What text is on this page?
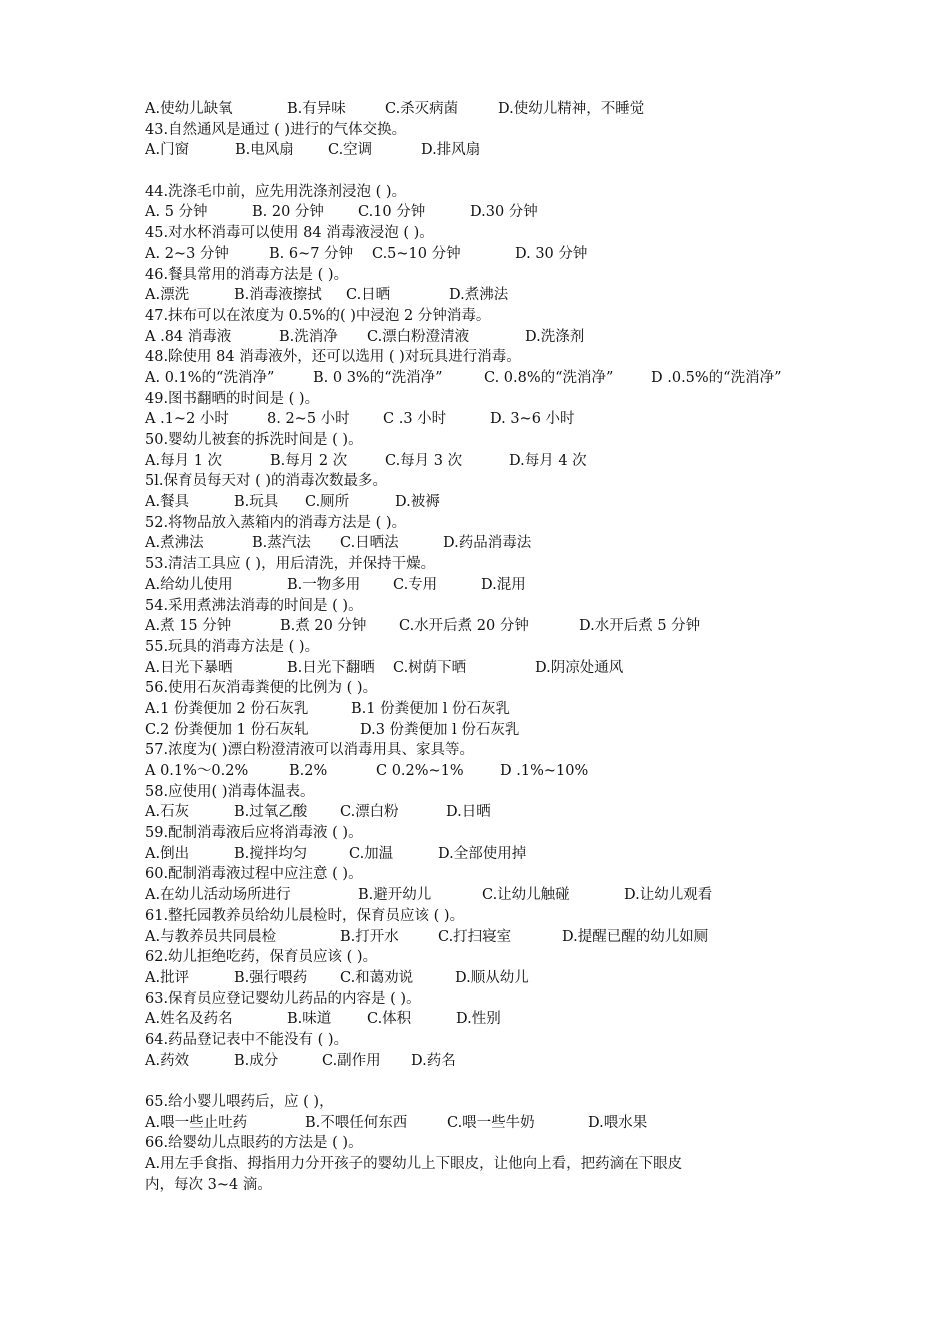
A.使幼儿缺氧	B.有异味	C.杀灭病菌	D.使幼儿精神，不睡觉
43.自然通风是通过 ( )进行的气体交换。
A.门窗	B.电风扇 C.空调	D.排风扇
44.洗涤毛巾前，应先用洗涤剂浸泡 ( )。
A. 5 分钟	B. 20 分钟 C.10 分钟	D.30 分钟
45.对水杯消毒可以使用 84 消毒液浸泡 ( )。
A. 2~3 分钟	B. 6~7 分钟 C.5~10 分钟	D. 30 分钟
46.餐具常用的消毒方法是 ( )。
A.漂洗	B.消毒液擦拭 C.日晒	D.煮沸法
47.抹布可以在浓度为 0.5%的( )中浸泡 2 分钟消毒。
A .84 消毒液	B.洗消净 C.漂白粉澄清液	D.洗涤剂
48.除使用 84 消毒液外，还可以选用 ( )对玩具进行消毒。
A. 0.1%的“洗消净”	B. 0 3%的“洗消净”	C. 0.8%的“洗消净”	D .0.5%的“洗消净”
49.图书翻晒的时间是 ( )。
A .1~2 小时	8. 2~5 小时 C .3 小时	D. 3~6 小时
50.婴幼儿被套的拆洗时间是 ( )。
A.每月 1 次	B.每月 2 次	C.每月 3 次	D.每月 4 次
5l.保育员每天对 ( )的消毒次数最多。
A.餐具	B.玩具 C.厕所	D.被褥
52.将物品放入蒸箱内的消毒方法是 ( )。
A.煮沸法	B.蒸汽法 C.日晒法	D.药品消毒法
53.清洁工具应 ( )，用后清洗，并保持干燥。
A.给幼儿使用	B.一物多用 C.专用	D.混用
54.采用煮沸法消毒的时间是 ( )。
A.煮 15 分钟	B.煮 20 分钟 C.水开后煮 20 分钟	D.水开后煮 5 分钟
55.玩具的消毒方法是 ( )。
A.日光下暴晒	B.日光下翻晒 C.树荫下晒	D.阴凉处通风
56.使用石灰消毒粪便的比例为 ( )。
A.1 份粪便加 2 份石灰乳	B.1 份粪便加 l 份石灰乳
C.2 份粪便加 1 份石灰轧	D.3 份粪便加 l 份石灰乳
57.浓度为( )漂白粉澄清液可以消毒用具、家具等。
A 0.1%～0.2%	B.2%	C 0.2%~1%	D .1%~10%
58.应使用( )消毒体温表。
A.石灰	B.过氧乙酸 C.漂白粉	D.日晒
59.配制消毒液后应将消毒液 ( )。
A.倒出	B.搅拌均匀	C.加温	D.全部使用掉
60.配制消毒液过程中应注意 ( )。
A.在幼儿活动场所进行	B.避开幼儿	C.让幼儿触碰	D.让幼儿观看
61.整托园教养员给幼儿晨检时，保育员应该 ( )。
A.与教养员共同晨检	B.打开水	C.打扫寝室	D.提醒已醒的幼儿如厕
62.幼儿拒绝吃药，保育员应该 ( )。
A.批评	B.强行喂药 C.和蔼劝说	D.顺从幼儿
63.保育员应登记婴幼儿药品的内容是 ( )。
A.姓名及药名	B.味道 C.体积	D.性别
64.药品登记表中不能没有 ( )。
A.药效	B.成分	C.副作用 D.药名
65.给小婴儿喂药后，应 ( )，
A.喂一些止吐药	B.不喂任何东西	C.喂一些牛奶	D.喂水果
66.给婴幼儿点眼药的方法是 ( )。
A.用左手食指、拇指用力分开孩子的婴幼儿上下眼皮，让他向上看，把药滴在下眼皮
内，每次 3~4 滴。
